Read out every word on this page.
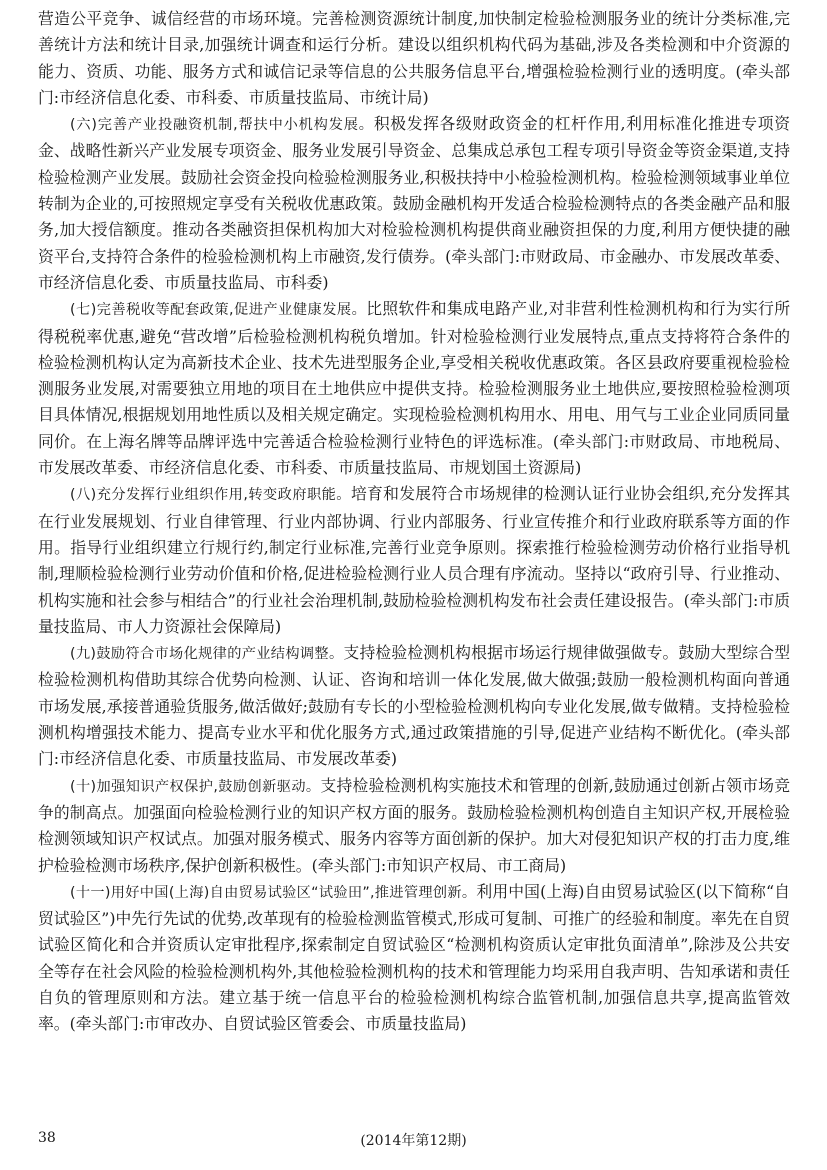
营造公平竞争、诚信经营的市场环境。完善检测资源统计制度,加快制定检验检测服务业的统计分类标准,完善统计方法和统计目录,加强统计调查和运行分析。建设以组织机构代码为基础,涉及各类检测和中介资源的能力、资质、功能、服务方式和诚信记录等信息的公共服务信息平台,增强检验检测行业的透明度。(牵头部门:市经济信息化委、市科委、市质量技监局、市统计局)

(六)完善产业投融资机制,帮扶中小机构发展。积极发挥各级财政资金的杠杆作用,利用标准化推进专项资金、战略性新兴产业发展专项资金、服务业发展引导资金、总集成总承包工程专项引导资金等资金渠道,支持检验检测产业发展。鼓励社会资金投向检验检测服务业,积极扶持中小检验检测机构。检验检测领域事业单位转制为企业的,可按照规定享受有关税收优惠政策。鼓励金融机构开发适合检验检测特点的各类金融产品和服务,加大授信额度。推动各类融资担保机构加大对检验检测机构提供商业融资担保的力度,利用方便快捷的融资平台,支持符合条件的检验检测机构上市融资,发行债券。(牵头部门:市财政局、市金融办、市发展改革委、市经济信息化委、市质量技监局、市科委)

(七)完善税收等配套政策,促进产业健康发展。比照软件和集成电路产业,对非营利性检测机构和行为实行所得税税率优惠,避免“营改增”后检验检测机构税负增加。针对检验检测行业发展特点,重点支持将符合条件的检验检测机构认定为高新技术企业、技术先进型服务企业,享受相关税收优惠政策。各区县政府要重视检验检测服务业发展,对需要独立用地的项目在土地供应中提供支持。检验检测服务业土地供应,要按照检验检测项目具体情况,根据规划用地性质以及相关规定确定。实现检验检测机构用水、用电、用气与工业企业同质同量同价。在上海名牌等品牌评选中完善适合检验检测行业特色的评选标准。(牵头部门:市财政局、市地税局、市发展改革委、市经济信息化委、市科委、市质量技监局、市规划国土资源局)

(八)充分发挥行业组织作用,转变政府职能。培育和发展符合市场规律的检测认证行业协会组织,充分发挥其在行业发展规划、行业自律管理、行业内部协调、行业内部服务、行业宣传推介和行业政府联系等方面的作用。指导行业组织建立行规行约,制定行业标准,完善行业竞争原则。探索推行检验检测劳动价格行业指导机制,理顺检验检测行业劳动价值和价格,促进检验检测行业人员合理有序流动。坚持以“政府引导、行业推动、机构实施和社会参与相结合”的行业社会治理机制,鼓励检验检测机构发布社会责任建设报告。(牵头部门:市质量技监局、市人力资源社会保障局)

(九)鼓励符合市场化规律的产业结构调整。支持检验检测机构根据市场运行规律做强做专。鼓励大型综合型检验检测机构借助其综合优势向检测、认证、咨询和培训一体化发展,做大做强;鼓励一般检测机构面向普通市场发展,承接普通验货服务,做活做好;鼓励有专长的小型检验检测机构向专业化发展,做专做精。支持检验检测机构增强技术能力、提高专业水平和优化服务方式,通过政策措施的引导,促进产业结构不断优化。(牵头部门:市经济信息化委、市质量技监局、市发展改革委)

(十)加强知识产权保护,鼓励创新驱动。支持检验检测机构实施技术和管理的创新,鼓励通过创新占领市场竞争的制高点。加强面向检验检测行业的知识产权方面的服务。鼓励检验检测机构创造自主知识产权,开展检验检测领域知识产权试点。加强对服务模式、服务内容等方面创新的保护。加大对侵犯知识产权的打击力度,维护检验检测市场秩序,保护创新积极性。(牵头部门:市知识产权局、市工商局)

(十一)用好中国(上海)自由贸易试验区“试验田”,推进管理创新。利用中国(上海)自由贸易试验区(以下简称“自贸试验区”)中先行先试的优势,改革现有的检验检测监管模式,形成可复制、可推广的经验和制度。率先在自贸试验区简化和合并资质认定审批程序,探索制定自贸试验区“检测机构资质认定审批负面清单”,除涉及公共安全等存在社会风险的检验检测机构外,其他检验检测机构的技术和管理能力均采用自我声明、告知承诺和责任自负的管理原则和方法。建立基于统一信息平台的检验检测机构综合监管机制,加强信息共享,提高监管效率。(牵头部门:市审改办、自贸试验区管委会、市质量技监局)

38	(2014年第12期)
